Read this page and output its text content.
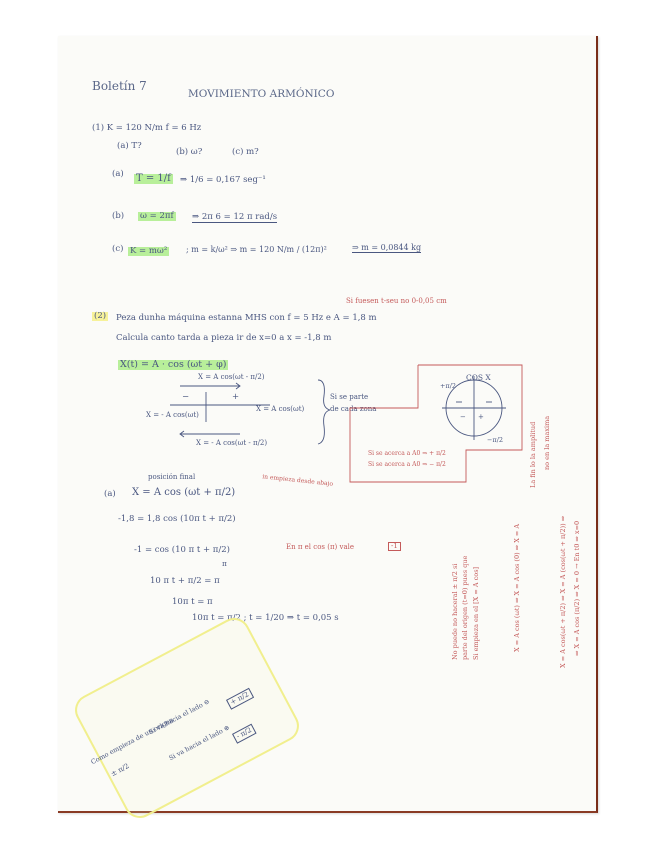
Boletín 7
MOVIMIENTO ARMÓNICO
(1) K = 120 N/m f = 6 Hz
(a) T?
(b) ω?	(c) m?
(a) T = 1/f ⇒ 1/6 = 0,167 seg⁻¹
(b) ω = 2πf ⇒ 2π 6 = 12 π rad/s
(c) K = mω² ; m = k/ω² ⇒ m = 120 N/m / (12π)²	⇒ m = 0,0844 kg
Si fuesen t-seu no 0-0,05 cm
(2) Peza dunha máquina estanna MHS con f = 5 Hz e A = 1,8 m
Calcula canto tarda a pieza ir de x=0 a x = -1,8 m
X(t) = A · cos (ωt + φ)
X = A cos(ωt - π/2)
X = - A cos(ωt)
X = A cos(ωt)
X = - A cos(ωt - π/2)
−	+	Si se parte
de cada zona
COS X
+π/2
−π/2
+
−
Si se acerca a A0 ⇒ + π/2
Si se acerca a A0 ⇒ − π/2
posición final
(a) X = A cos (ωt + π/2)
in empieza desde abajo
-1,8 = 1,8 cos (10π t + π/2)
-1 = cos (10 π t + π/2)
π
En π el cos (π) vale	-1
10 π t + π/2 = π
10π t = π
10π t = π/2 ; t = 1/20 ⇒ t = 0,05 s	No puede no haceral ± π/2 si parte del origen (t=0) pues que Si empieza en el [X = A cos]	X = A cos (ωt) ⇒ X = A cos (0) ⇒ X = A
La fin lo la amplitud no en la maxima
X = A cos(ωt + π/2) ⇒ X = A (cos(ωt + π/2)) ⇒ ⇒ X = A cos (π/2) ⇒ X = 0 → En t0 ⇒ x=0
Como empieza de un origen
± π/2
Si va hacia el lado ⊖
Si va hacia el lado ⊕
+ π/2
- π/2
